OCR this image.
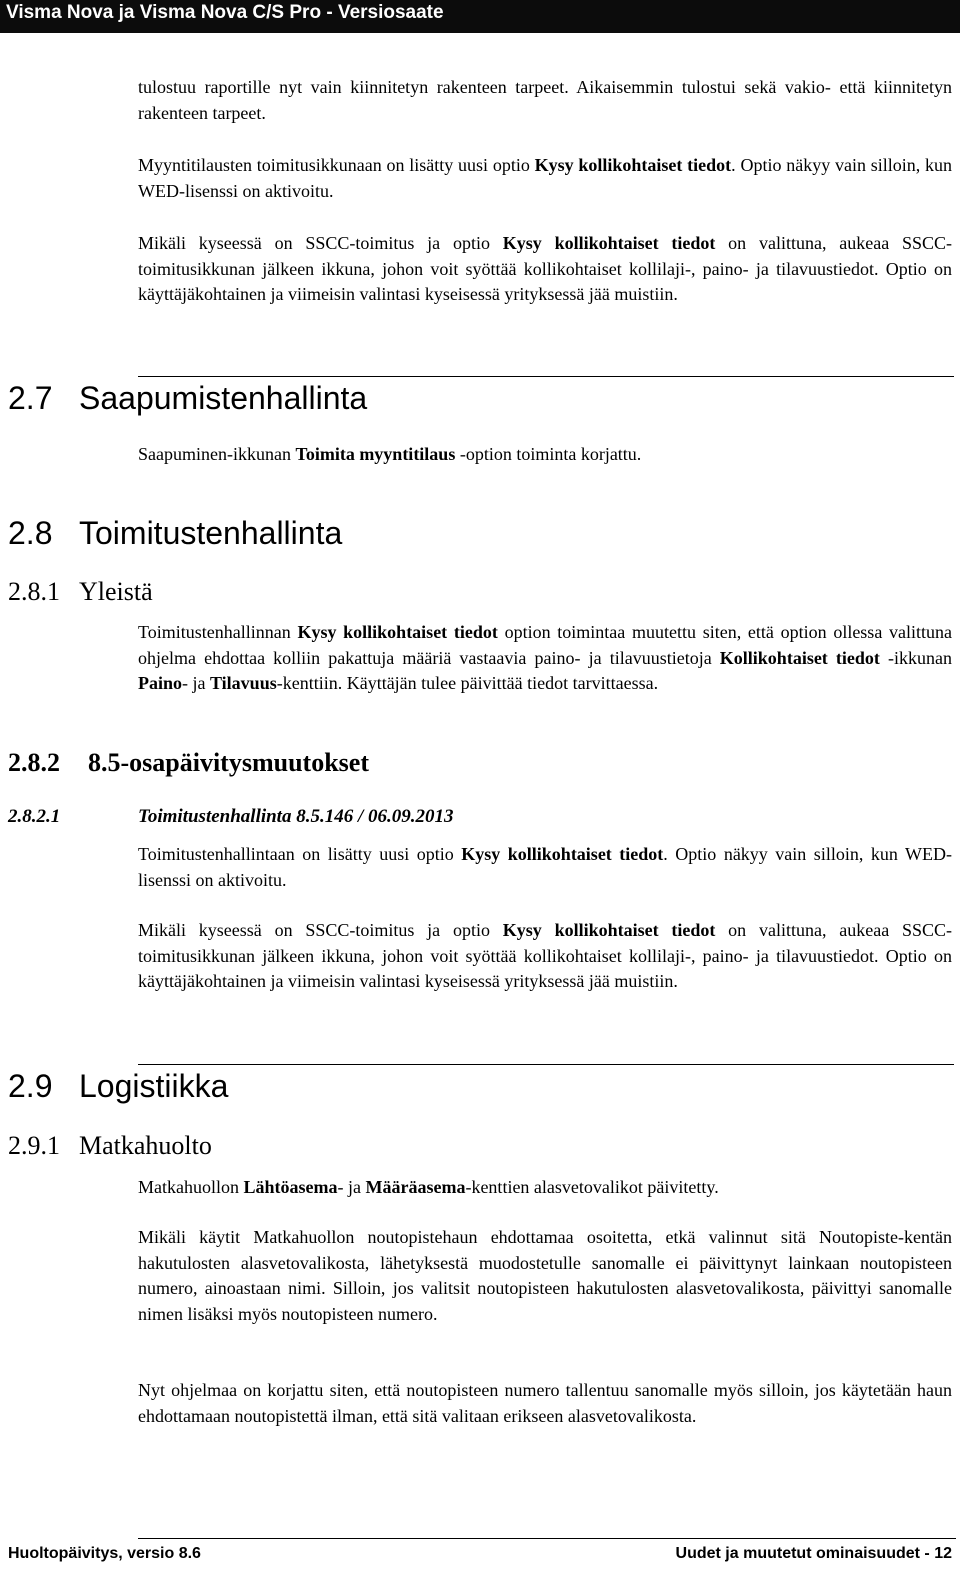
Visma Nova ja Visma Nova C/S Pro - Versiosaate

tulostuu raportille nyt vain kiinnitetyn rakenteen tarpeet. Aikaisemmin tulostui sekä vakio- että kiinnitetyn rakenteen tarpeet.

Myyntitilausten toimitusikkunaan on lisätty uusi optio Kysy kollikohtaiset tiedot. Optio näkyy vain silloin, kun WED-lisenssi on aktivoitu.

Mikäli kyseessä on SSCC-toimitus ja optio Kysy kollikohtaiset tiedot on valittuna, aukeaa SSCC-toimitusikkunan jälkeen ikkuna, johon voit syöttää kollikohtaiset kollilaji-, paino- ja tilavuustiedot. Optio on käyttäjäkohtainen ja viimeisin valintasi kyseisessä yrityksessä jää muistiin.

2.7 Saapumistenhallinta

Saapuminen-ikkunan Toimita myyntitilaus -option toiminta korjattu.

2.8 Toimitustenhallinta
2.8.1 Yleistä

Toimitustenhallinnan Kysy kollikohtaiset tiedot option toimintaa muutettu siten, että option ollessa valittuna ohjelma ehdottaa kolliin pakattuja määriä vastaavia paino- ja tilavuustietoja Kollikohtaiset tiedot -ikkunan Paino- ja Tilavuus-kenttiin. Käyttäjän tulee päivittää tiedot tarvittaessa.

2.8.2 8.5-osapäivitysmuutokset
2.8.2.1	Toimitustenhallinta 8.5.146 / 06.09.2013

Toimitustenhallintaan on lisätty uusi optio Kysy kollikohtaiset tiedot. Optio näkyy vain silloin, kun WED-lisenssi on aktivoitu.

Mikäli kyseessä on SSCC-toimitus ja optio Kysy kollikohtaiset tiedot on valittuna, aukeaa SSCC-toimitusikkunan jälkeen ikkuna, johon voit syöttää kollikohtaiset kollilaji-, paino- ja tilavuustiedot. Optio on käyttäjäkohtainen ja viimeisin valintasi kyseisessä yrityksessä jää muistiin.

2.9 Logistiikka
2.9.1 Matkahuolto

Matkahuollon Lähtöasema- ja Määräasema-kenttien alasvetovalikot päivitetty.

Mikäli käytit Matkahuollon noutopistehaun ehdottamaa osoitetta, etkä valinnut sitä Noutopiste-kentän hakutulosten alasvetovalikosta, lähetyksestä muodostetulle sanomalle ei päivittynyt lainkaan noutopisteen numero, ainoastaan nimi. Silloin, jos valitsit noutopisteen hakutulosten alasvetovalikosta, päivittyi sanomalle nimen lisäksi myös noutopisteen numero.

Nyt ohjelmaa on korjattu siten, että noutopisteen numero tallentuu sanomalle myös silloin, jos käytetään haun ehdottamaan noutopistettä ilman, että sitä valitaan erikseen alasvetovalikosta.

Huoltopäivitys, versio 8.6	Uudet ja muutetut ominaisuudet - 12
